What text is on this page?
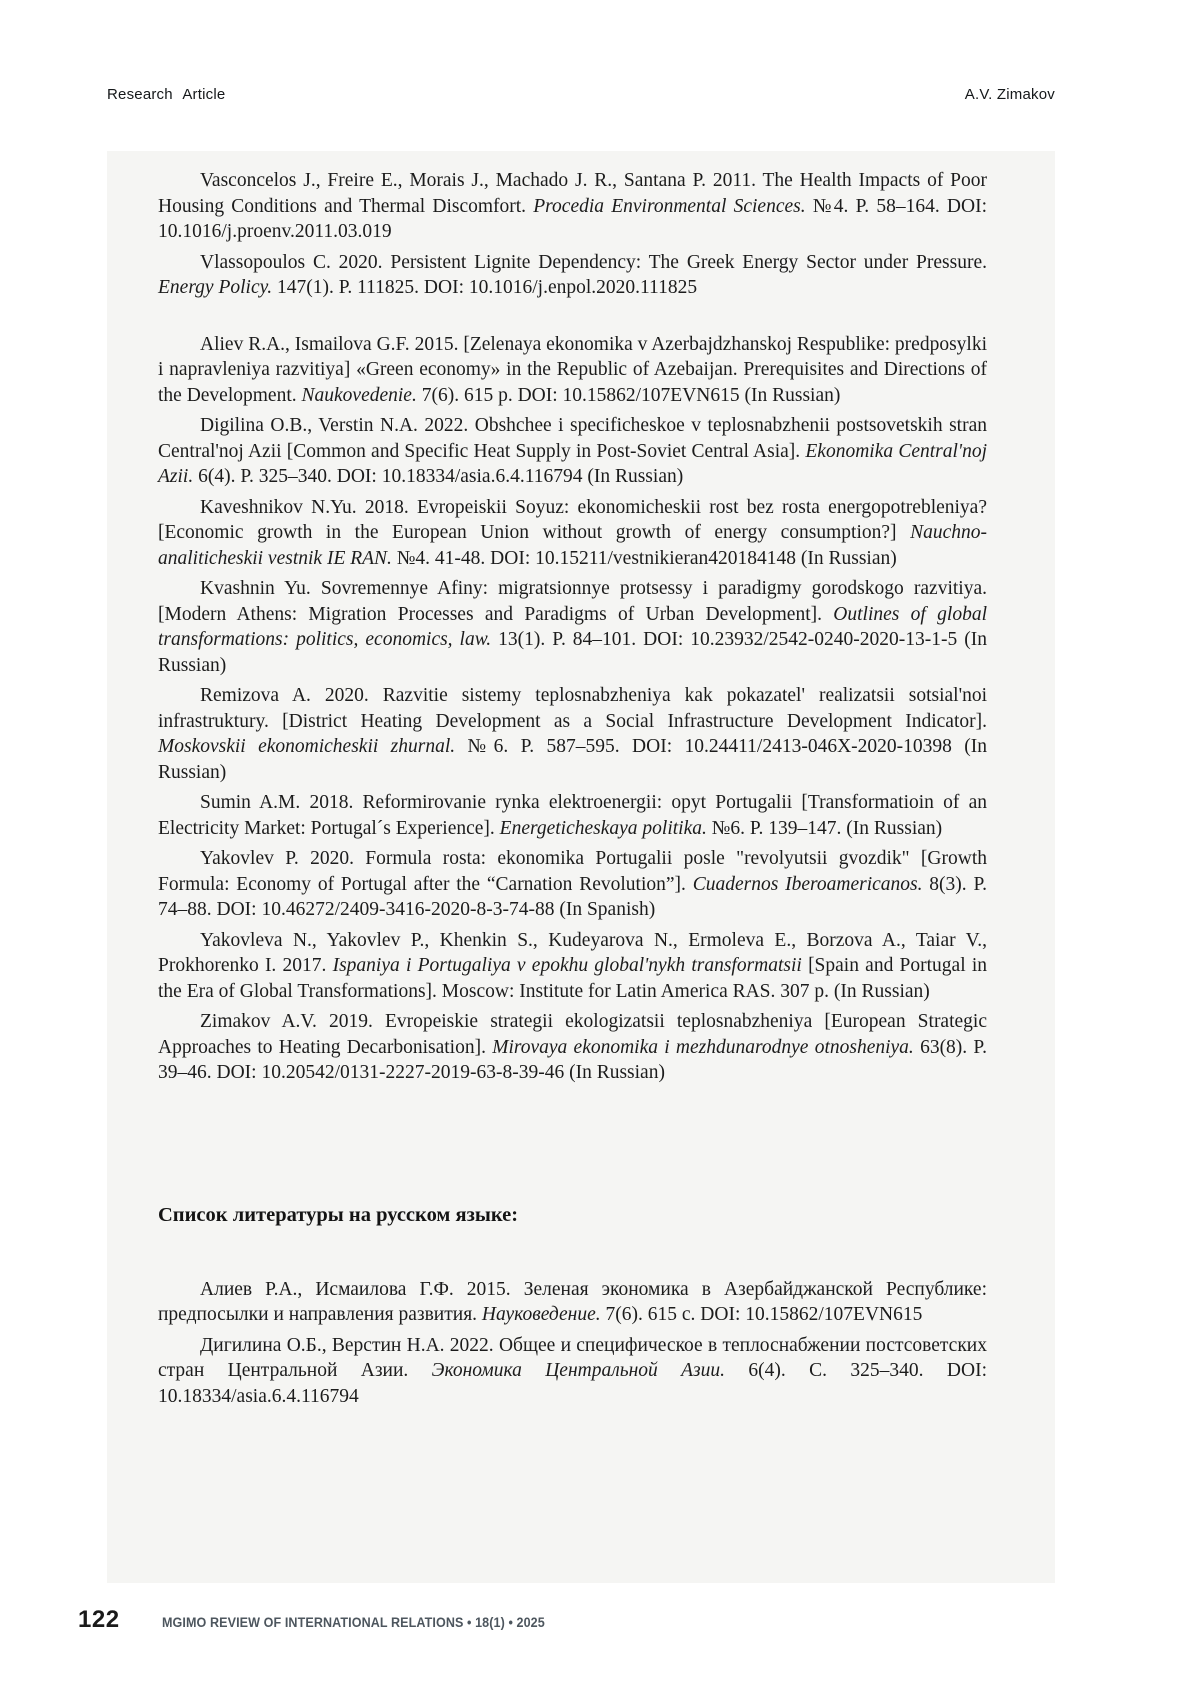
Research Article	A.V. Zimakov

Vasconcelos J., Freire E., Morais J., Machado J. R., Santana P. 2011. The Health Impacts of Poor Housing Conditions and Thermal Discomfort. Procedia Environmental Sciences. №4. P. 58–164. DOI: 10.1016/j.proenv.2011.03.019

Vlassopoulos C. 2020. Persistent Lignite Dependency: The Greek Energy Sector under Pressure. Energy Policy. 147(1). P. 111825. DOI: 10.1016/j.enpol.2020.111825

Aliev R.A., Ismailova G.F. 2015. [Zelenaya ekonomika v Azerbajdzhanskoj Respublike: predposylki i napravleniya razvitiya] «Green economy» in the Republic of Azebaijan. Prerequisites and Directions of the Development. Naukovedenie. 7(6). 615 p. DOI: 10.15862/107EVN615 (In Russian)

Digilina O.B., Verstin N.A. 2022. Obshchee i specificheskoe v teplosnabzhenii postsovetskih stran Central'noj Azii [Common and Specific Heat Supply in Post-Soviet Central Asia]. Ekonomika Central'noj Azii. 6(4). P. 325–340. DOI: 10.18334/asia.6.4.116794 (In Russian)

Kaveshnikov N.Yu. 2018. Evropeiskii Soyuz: ekonomicheskii rost bez rosta energopotrebleniya? [Economic growth in the European Union without growth of energy consumption?] Nauchno-analiticheskii vestnik IE RAN. №4. 41-48. DOI: 10.15211/vestnikieran420184148 (In Russian)

Kvashnin Yu. Sovremennye Afiny: migratsionnye protsessy i paradigmy gorodskogo razvitiya. [Modern Athens: Migration Processes and Paradigms of Urban Development]. Outlines of global transformations: politics, economics, law. 13(1). P. 84–101. DOI: 10.23932/2542-0240-2020-13-1-5 (In Russian)

Remizova A. 2020. Razvitie sistemy teplosnabzheniya kak pokazatel' realizatsii sotsial'noi infrastruktury. [District Heating Development as a Social Infrastructure Development Indicator]. Moskovskii ekonomicheskii zhurnal. №6. P. 587–595. DOI: 10.24411/2413-046X-2020-10398 (In Russian)

Sumin A.M. 2018. Reformirovanie rynka elektroenergii: opyt Portugalii [Transformatioin of an Electricity Market: Portugal´s Experience]. Energeticheskaya politika. №6. P. 139–147. (In Russian)

Yakovlev P. 2020. Formula rosta: ekonomika Portugalii posle "revolyutsii gvozdik" [Growth Formula: Economy of Portugal after the “Carnation Revolution”]. Cuadernos Iberoamericanos. 8(3). P. 74–88. DOI: 10.46272/2409-3416-2020-8-3-74-88 (In Spanish)

Yakovleva N., Yakovlev P., Khenkin S., Kudeyarova N., Ermoleva E., Borzova A., Taiar V., Prokhorenko I. 2017. Ispaniya i Portugaliya v epokhu global'nykh transformatsii [Spain and Portugal in the Era of Global Transformations]. Moscow: Institute for Latin America RAS. 307 p. (In Russian)

Zimakov A.V. 2019. Evropeiskie strategii ekologizatsii teplosnabzheniya [European Strategic Approaches to Heating Decarbonisation]. Mirovaya ekonomika i mezhdunarodnye otnosheniya. 63(8). P. 39–46. DOI: 10.20542/0131-2227-2019-63-8-39-46 (In Russian)

Список литературы на русском языке:

Алиев Р.А., Исмаилова Г.Ф. 2015. Зеленая экономика в Азербайджанской Республике: предпосылки и направления развития. Науковедение. 7(6). 615 с. DOI: 10.15862/107EVN615

Дигилина О.Б., Верстин Н.А. 2022. Общее и специфическое в теплоснабжении постсоветских стран Центральной Азии. Экономика Центральной Азии. 6(4). С. 325–340. DOI: 10.18334/asia.6.4.116794

122	MGIMO REVIEW OF INTERNATIONAL RELATIONS • 18(1) • 2025
